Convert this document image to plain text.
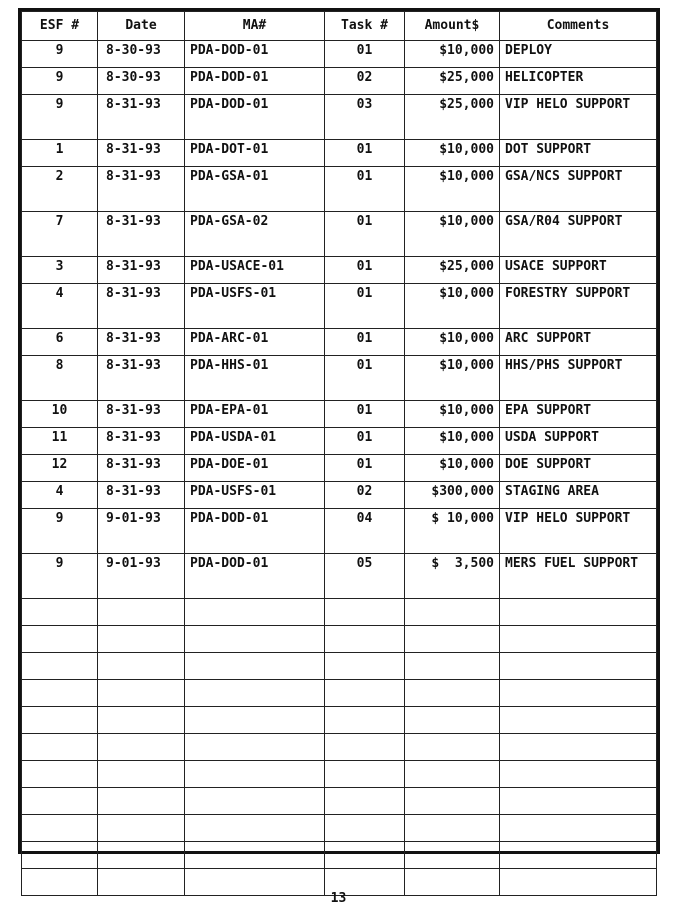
ESF #	Date	MA#	Task #	Amount$	Comments
9	8-30-93	PDA-DOD-01	01	$10,000	DEPLOY
9	8-30-93	PDA-DOD-01	02	$25,000	HELICOPTER
9	8-31-93	PDA-DOD-01	03	$25,000	VIP HELO SUPPORT
1	8-31-93	PDA-DOT-01	01	$10,000	DOT SUPPORT
2	8-31-93	PDA-GSA-01	01	$10,000	GSA/NCS SUPPORT
7	8-31-93	PDA-GSA-02	01	$10,000	GSA/R04 SUPPORT
3	8-31-93	PDA-USACE-01	01	$25,000	USACE SUPPORT
4	8-31-93	PDA-USFS-01	01	$10,000	FORESTRY SUPPORT
6	8-31-93	PDA-ARC-01	01	$10,000	ARC SUPPORT
8	8-31-93	PDA-HHS-01	01	$10,000	HHS/PHS SUPPORT
10	8-31-93	PDA-EPA-01	01	$10,000	EPA SUPPORT
11	8-31-93	PDA-USDA-01	01	$10,000	USDA SUPPORT
12	8-31-93	PDA-DOE-01	01	$10,000	DOE SUPPORT
4	8-31-93	PDA-USFS-01	02	$300,000	STAGING AREA
9	9-01-93	PDA-DOD-01	04	$ 10,000	VIP HELO SUPPORT
9	9-01-93	PDA-DOD-01	05	$  3,500	MERS FUEL SUPPORT

13
